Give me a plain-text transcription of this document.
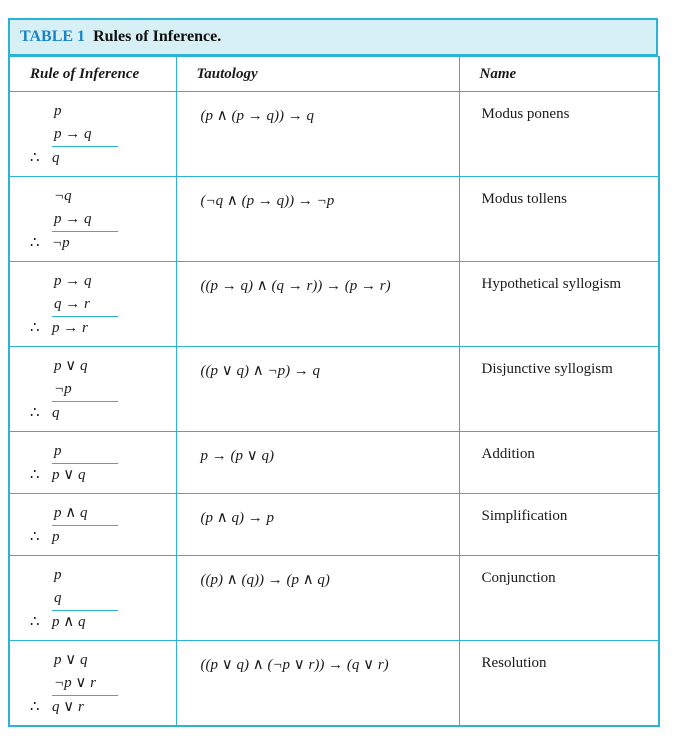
TABLE 1 Rules of Inference.
Rule of Inference	Tautology	Name

p
p → q
∴ q	(p ∧ (p → q)) → q	Modus ponens

¬q
p → q
∴ ¬p	(¬q ∧ (p → q)) → ¬p	Modus tollens

p → q
q → r
∴ p → r	((p → q) ∧ (q → r)) → (p → r)	Hypothetical syllogism

p ∨ q
¬p
∴ q	((p ∨ q) ∧ ¬p) → q	Disjunctive syllogism

p
∴ p ∨ q	p → (p ∨ q)	Addition

p ∧ q
∴ p	(p ∧ q) → p	Simplification

p
q
∴ p ∧ q	((p) ∧ (q)) → (p ∧ q)	Conjunction

p ∨ q
¬p ∨ r
∴ q ∨ r	((p ∨ q) ∧ (¬p ∨ r)) → (q ∨ r)	Resolution
